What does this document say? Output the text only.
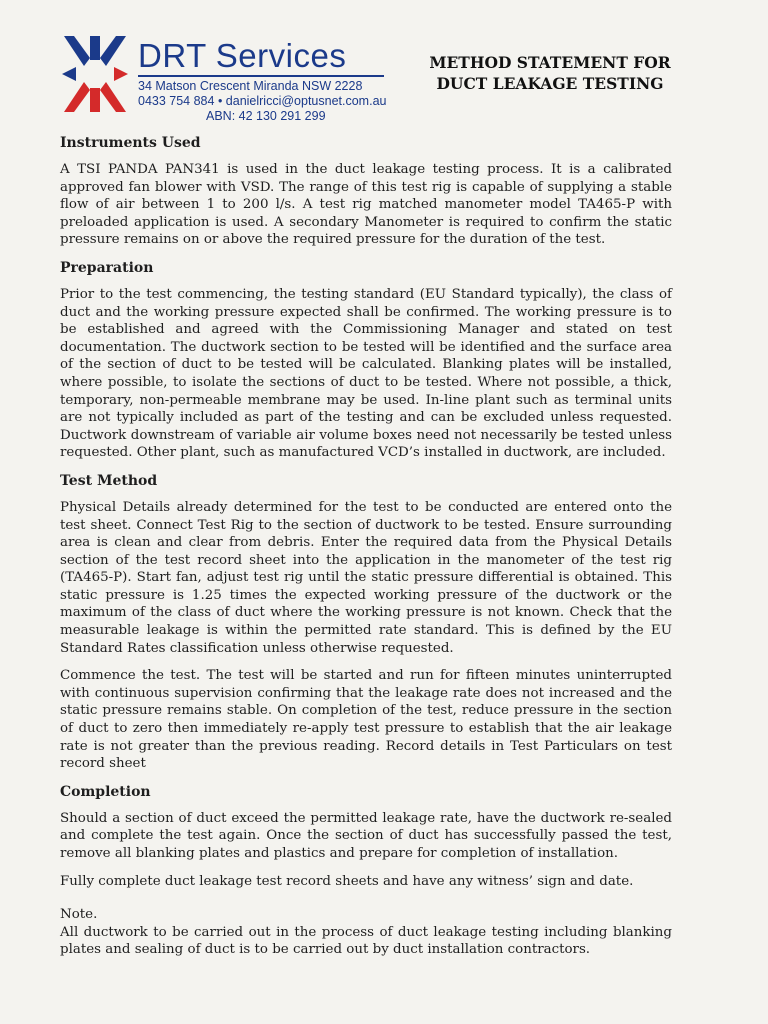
DRT Services
34 Matson Crescent Miranda NSW 2228
0433 754 884 • danielricci@optusnet.com.au
ABN: 42 130 291 299
METHOD STATEMENT FOR
DUCT LEAKAGE TESTING
Instruments Used

A TSI PANDA PAN341 is used in the duct leakage testing process. It is a calibrated approved fan blower with VSD. The range of this test rig is capable of supplying a stable flow of air between 1 to 200 l/s. A test rig matched manometer model TA465-P with preloaded application is used. A secondary Manometer is required to confirm the static pressure remains on or above the required pressure for the duration of the test.

Preparation

Prior to the test commencing, the testing standard (EU Standard typically), the class of duct and the working pressure expected shall be confirmed. The working pressure is to be established and agreed with the Commissioning Manager and stated on test documentation. The ductwork section to be tested will be identified and the surface area of the section of duct to be tested will be calculated. Blanking plates will be installed, where possible, to isolate the sections of duct to be tested. Where not possible, a thick, temporary, non-permeable membrane may be used. In-line plant such as terminal units are not typically included as part of the testing and can be excluded unless requested. Ductwork downstream of variable air volume boxes need not necessarily be tested unless requested. Other plant, such as manufactured VCD’s installed in ductwork, are included.

Test Method

Physical Details already determined for the test to be conducted are entered onto the test sheet. Connect Test Rig to the section of ductwork to be tested. Ensure surrounding area is clean and clear from debris. Enter the required data from the Physical Details section of the test record sheet into the application in the manometer of the test rig (TA465-P). Start fan, adjust test rig until the static pressure differential is obtained. This static pressure is 1.25 times the expected working pressure of the ductwork or the maximum of the class of duct where the working pressure is not known. Check that the measurable leakage is within the permitted rate standard. This is defined by the EU Standard Rates classification unless otherwise requested.

Commence the test. The test will be started and run for fifteen minutes uninterrupted with continuous supervision confirming that the leakage rate does not increased and the static pressure remains stable. On completion of the test, reduce pressure in the section of duct to zero then immediately re-apply test pressure to establish that the air leakage rate is not greater than the previous reading. Record details in Test Particulars on test record sheet

Completion

Should a section of duct exceed the permitted leakage rate, have the ductwork re-sealed and complete the test again. Once the section of duct has successfully passed the test, remove all blanking plates and plastics and prepare for completion of installation.

Fully complete duct leakage test record sheets and have any witness’ sign and date.

Note.

All ductwork to be carried out in the process of duct leakage testing including blanking plates and sealing of duct is to be carried out by duct installation contractors.
